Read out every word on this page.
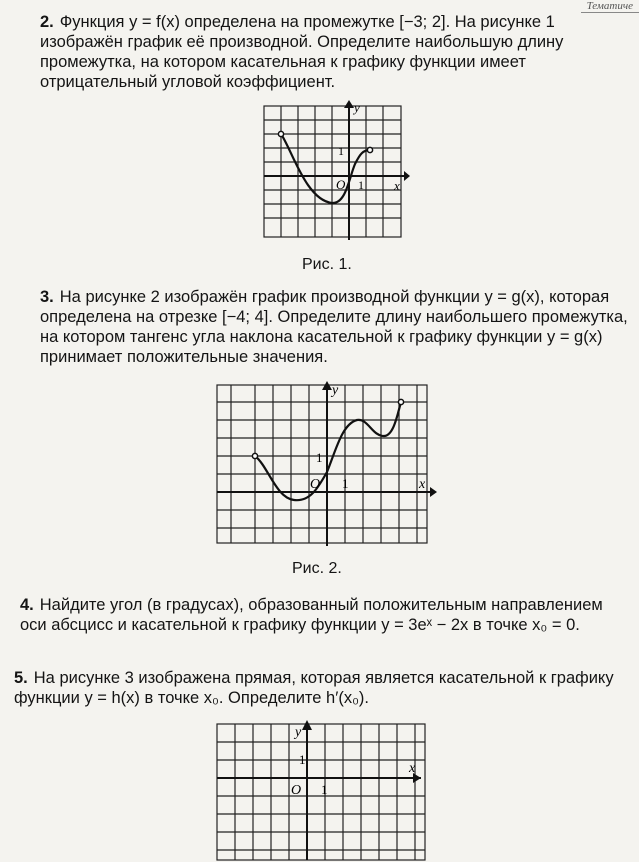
Тематиче
2. Функция y = f(x) определена на промежутке [−3; 2]. На рисунке 1 изображён график её производной. Определите наибольшую длину промежутка, на котором касательная к графику функции имеет отрицательный угловой коэффициент.
y
x
1
O 1
Рис. 1.
3. На рисунке 2 изображён график производной функции y = g(x), которая определена на отрезке [−4; 4]. Определите длину наибольшего промежутка, на котором тангенс угла наклона касательной к графику функции y = g(x) принимает положительные значения.
y
x
1
O 1
Рис. 2.
4. Найдите угол (в градусах), образованный положительным направлением оси абсцисс и касательной к графику функции y = 3eˣ − 2x в точке x₀ = 0.
5. На рисунке 3 изображена прямая, которая является касательной к графику функции y = h(x) в точке x₀. Определите h′(x₀).
y
x
1
O 1
